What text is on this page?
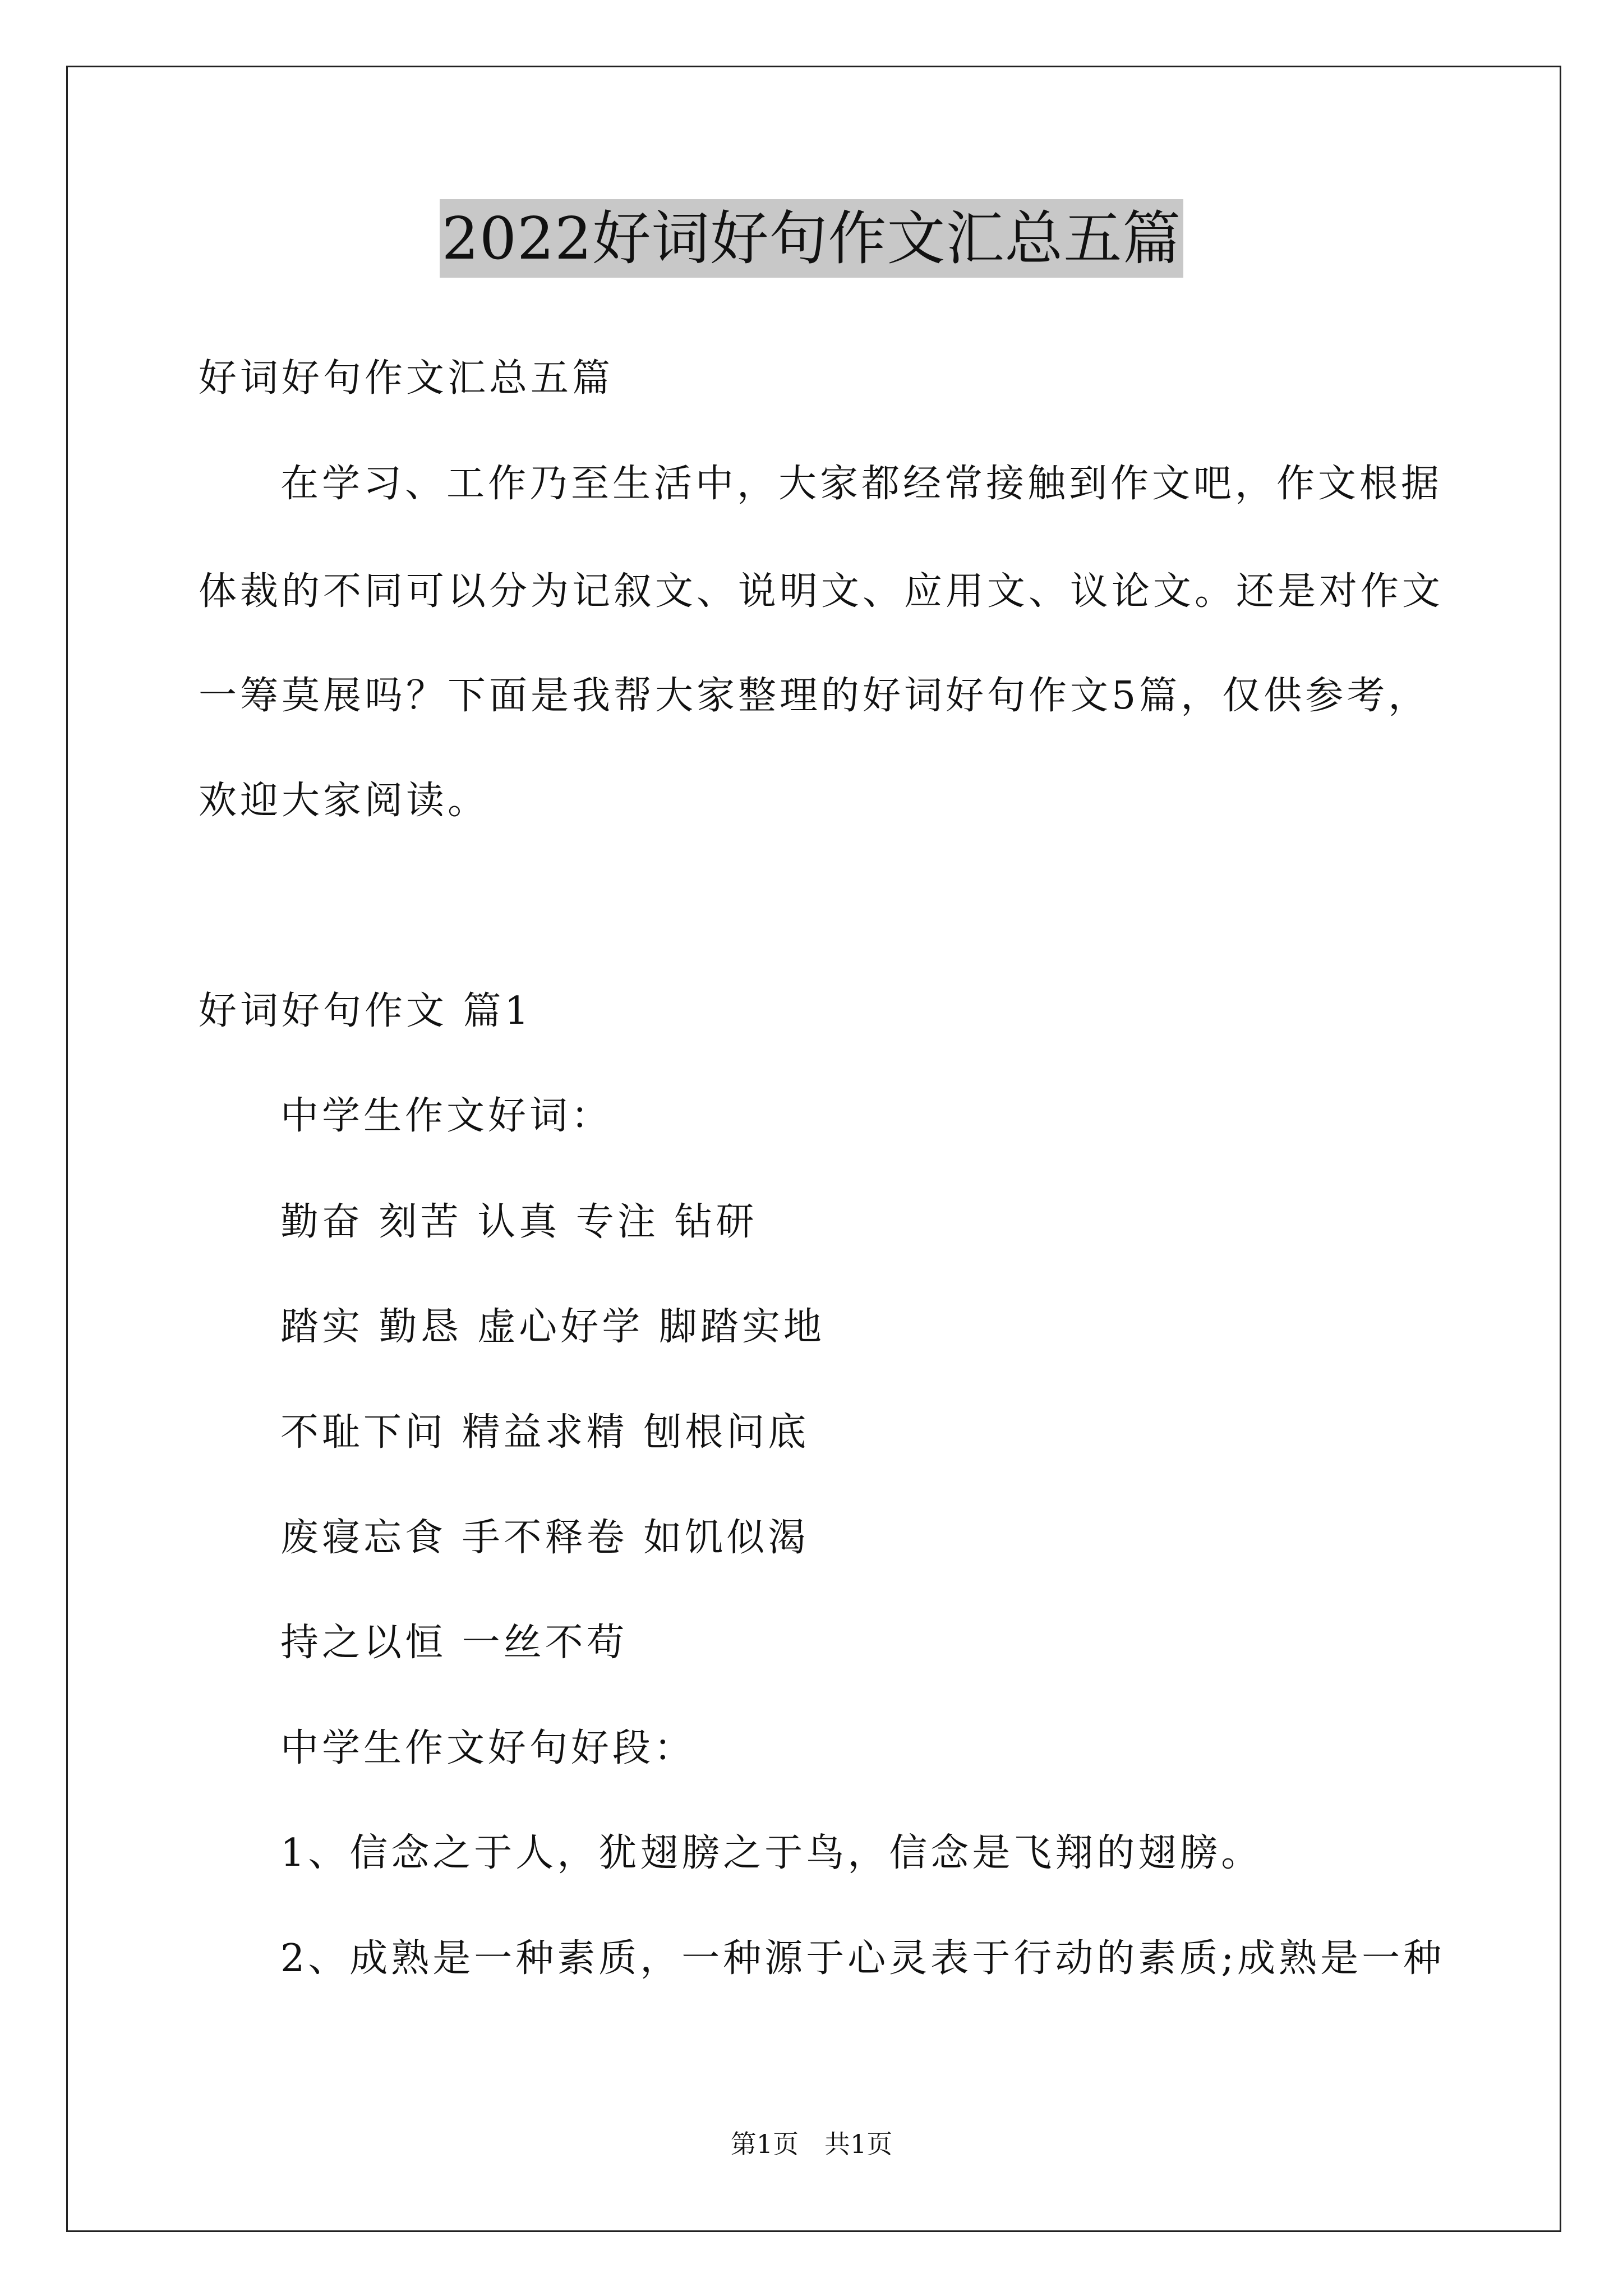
2022好词好句作文汇总五篇
好词好句作文汇总五篇
在学习、工作乃至生活中，大家都经常接触到作文吧，作文根据
体裁的不同可以分为记叙文、说明文、应用文、议论文。还是对作文
一筹莫展吗？下面是我帮大家整理的好词好句作文5篇，仅供参考，
欢迎大家阅读。
好词好句作文 篇1
中学生作文好词：
勤奋 刻苦 认真 专注 钻研
踏实 勤恳 虚心好学 脚踏实地
不耻下问 精益求精 刨根问底
废寝忘食 手不释卷 如饥似渴
持之以恒 一丝不苟
中学生作文好句好段：
1、信念之于人，犹翅膀之于鸟，信念是飞翔的翅膀。
2、成熟是一种素质，一种源于心灵表于行动的素质;成熟是一种
第1页　共1页
